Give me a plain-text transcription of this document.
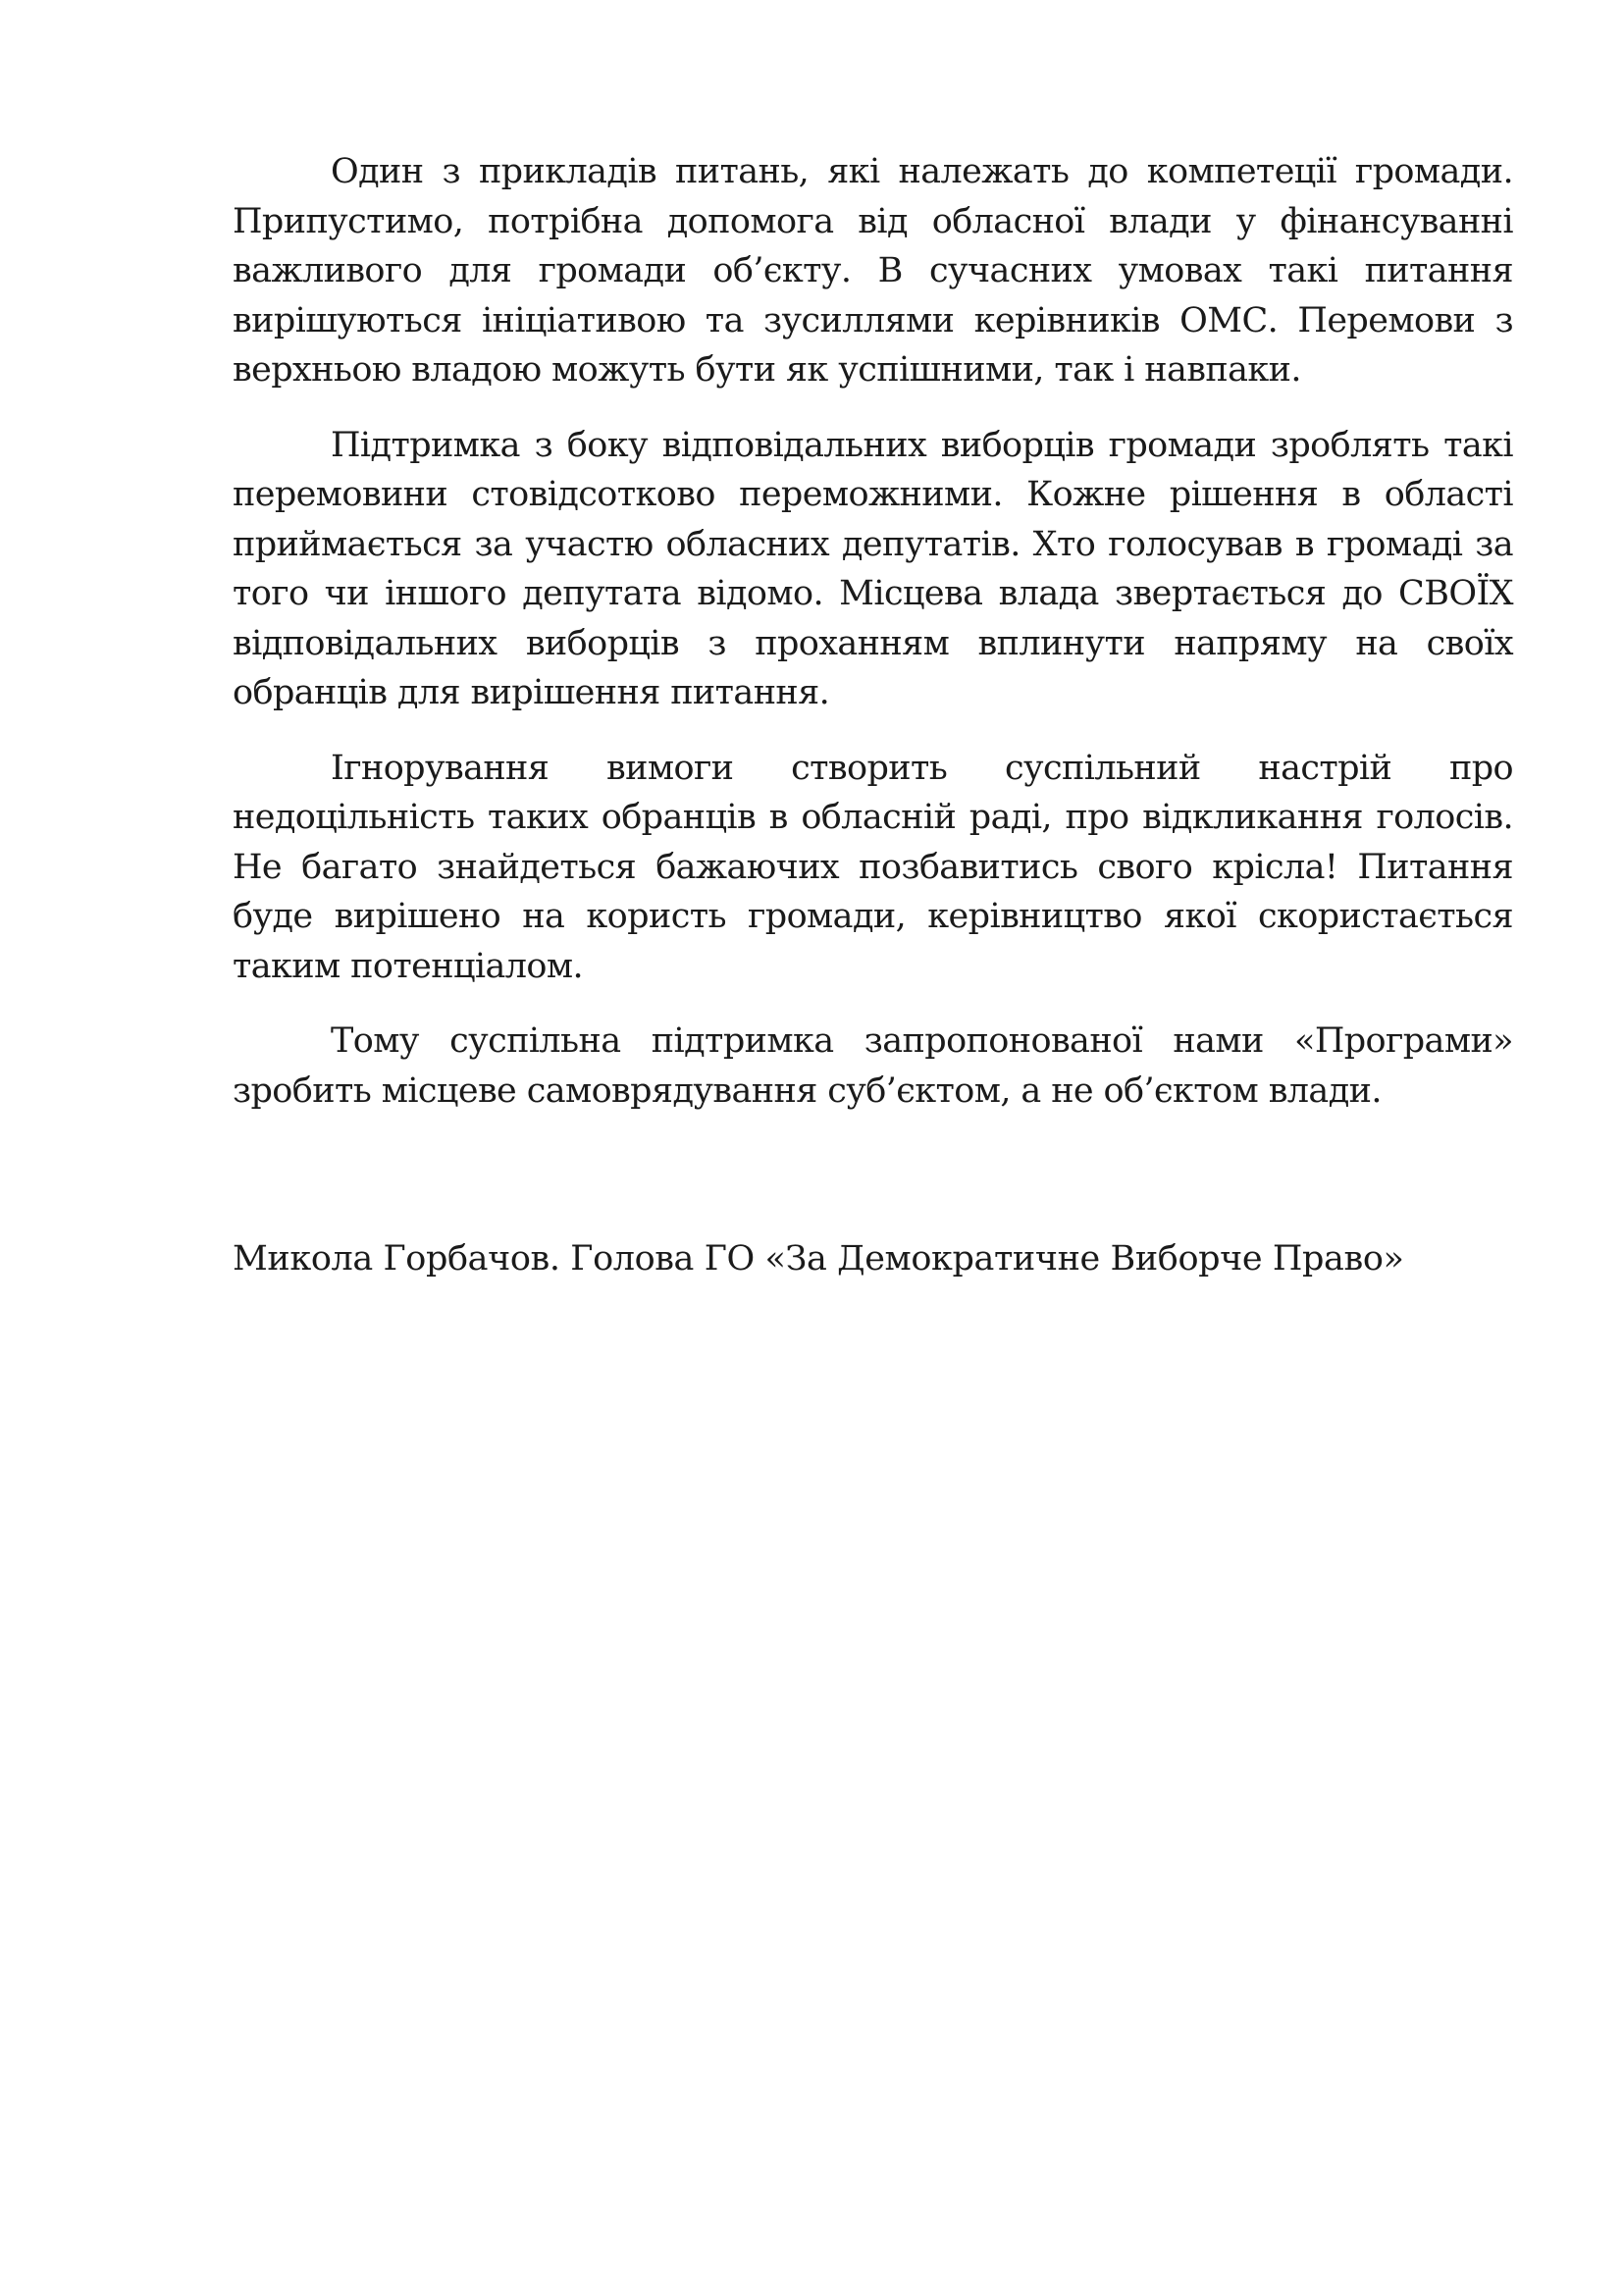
Один з прикладів питань, які належать до компетеції громади.
Припустимо, потрібна допомога від обласної влади у фінансуванні
важливого для громади об’єкту. В сучасних умовах такі питання
вирішуються ініціативою та зусиллями керівників ОМС. Перемови з
верхньою владою можуть бути як успішними, так і навпаки.

Підтримка з боку відповідальних виборців громади зроблять такі
перемовини стовідсотково переможними. Кожне рішення в області
приймається за участю обласних депутатів. Хто голосував в громаді за
того чи іншого депутата відомо. Місцева влада звертається до СВОЇХ
відповідальних виборців з проханням вплинути напряму на своїх
обранців для вирішення питання.

Ігнорування вимоги створить суспільний настрій про
недоцільність таких обранців в обласній раді, про відкликання голосів.
Не багато знайдеться бажаючих позбавитись свого крісла! Питання
буде вирішено на користь громади, керівництво якої скористається
таким потенціалом.

Тому суспільна підтримка запропонованої нами «Програми»
зробить місцеве самоврядування суб’єктом, а не об’єктом влади.

Микола Горбачов. Голова ГО «За Демократичне Виборче Право»
